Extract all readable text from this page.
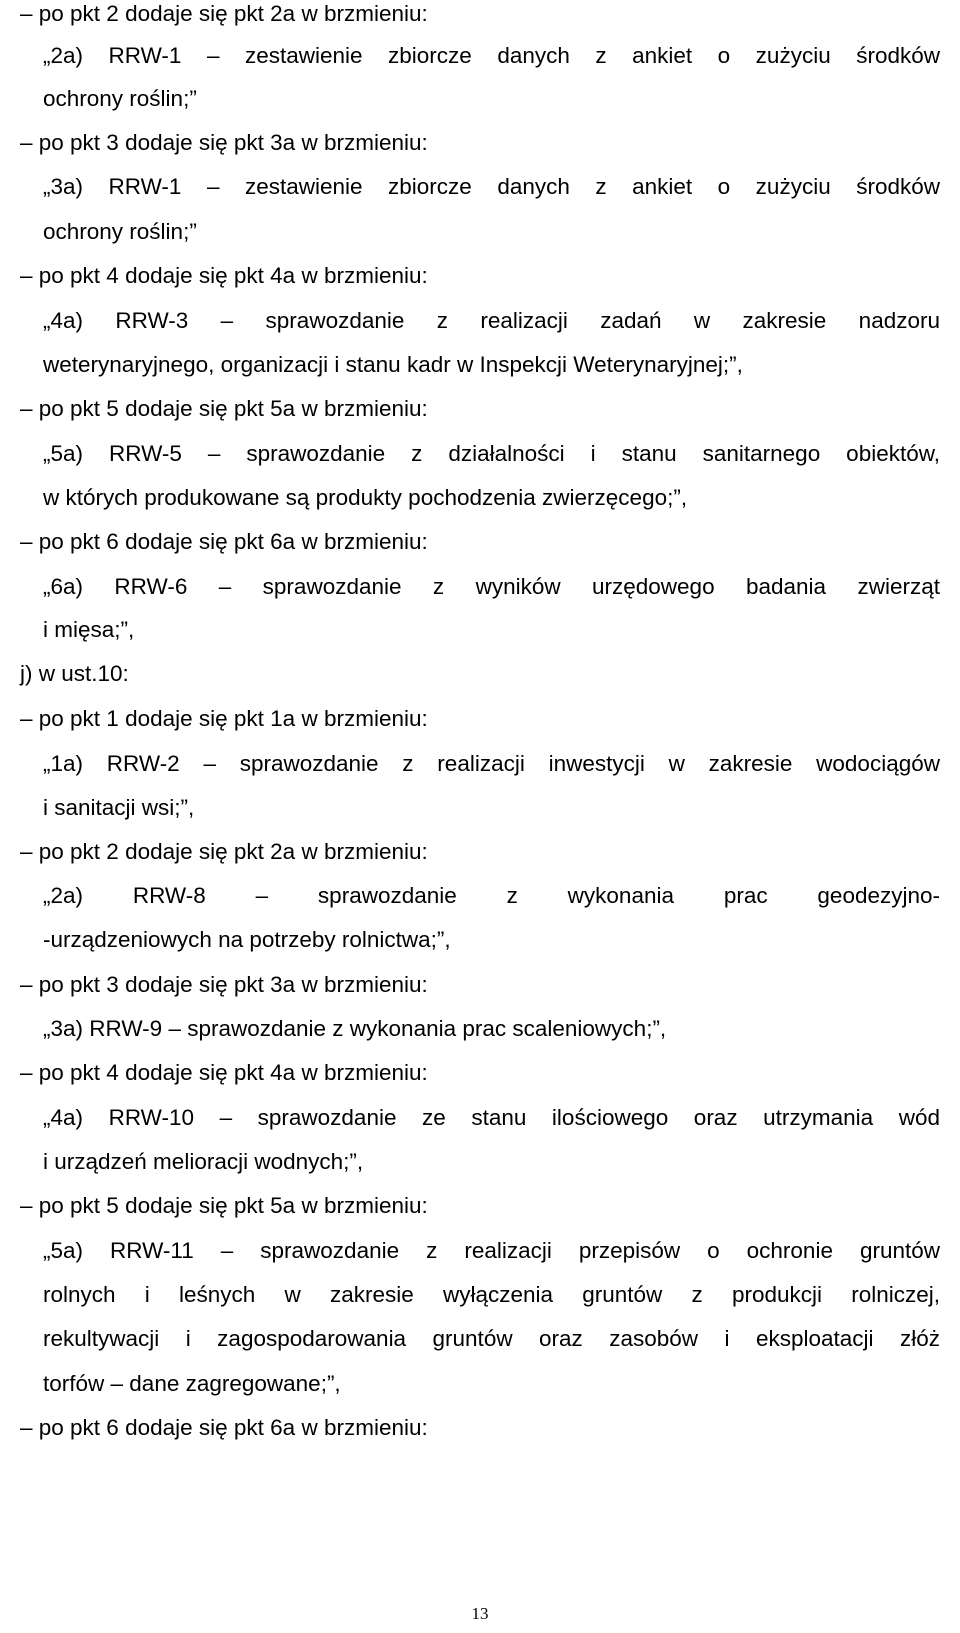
– po pkt 2 dodaje się pkt 2a w brzmieniu:
„2a) RRW-1 – zestawienie zbiorcze danych z ankiet o zużyciu środków
ochrony roślin;”
– po pkt 3 dodaje się pkt 3a w brzmieniu:
„3a) RRW-1 – zestawienie zbiorcze danych z ankiet o zużyciu środków
ochrony roślin;”
– po pkt 4 dodaje się pkt 4a w brzmieniu:
„4a) RRW-3 – sprawozdanie z realizacji zadań w zakresie nadzoru
weterynaryjnego, organizacji i stanu kadr w Inspekcji Weterynaryjnej;”,
– po pkt 5 dodaje się pkt 5a w brzmieniu:
„5a) RRW-5 – sprawozdanie z działalności i stanu sanitarnego obiektów,
w których produkowane są produkty pochodzenia zwierzęcego;”,
– po pkt 6 dodaje się pkt 6a w brzmieniu:
„6a) RRW-6 – sprawozdanie z wyników urzędowego badania zwierząt
i mięsa;”,
j) w ust.10:
– po pkt 1 dodaje się pkt 1a w brzmieniu:
„1a) RRW-2 – sprawozdanie z realizacji inwestycji w zakresie wodociągów
i sanitacji wsi;”,
– po pkt 2 dodaje się pkt 2a w brzmieniu:
„2a) RRW-8 – sprawozdanie z wykonania prac geodezyjno-
-urządzeniowych na potrzeby rolnictwa;”,
– po pkt 3 dodaje się pkt 3a w brzmieniu:
„3a) RRW-9 – sprawozdanie z wykonania prac scaleniowych;”,
– po pkt 4 dodaje się pkt 4a w brzmieniu:
„4a) RRW-10 – sprawozdanie ze stanu ilościowego oraz utrzymania wód
i urządzeń melioracji wodnych;”,
– po pkt 5 dodaje się pkt 5a w brzmieniu:
„5a) RRW-11 – sprawozdanie z realizacji przepisów o ochronie gruntów
rolnych i leśnych w zakresie wyłączenia gruntów z produkcji rolniczej,
rekultywacji i zagospodarowania gruntów oraz zasobów i eksploatacji złóż
torfów – dane zagregowane;”,
– po pkt 6 dodaje się pkt 6a w brzmieniu:
13
